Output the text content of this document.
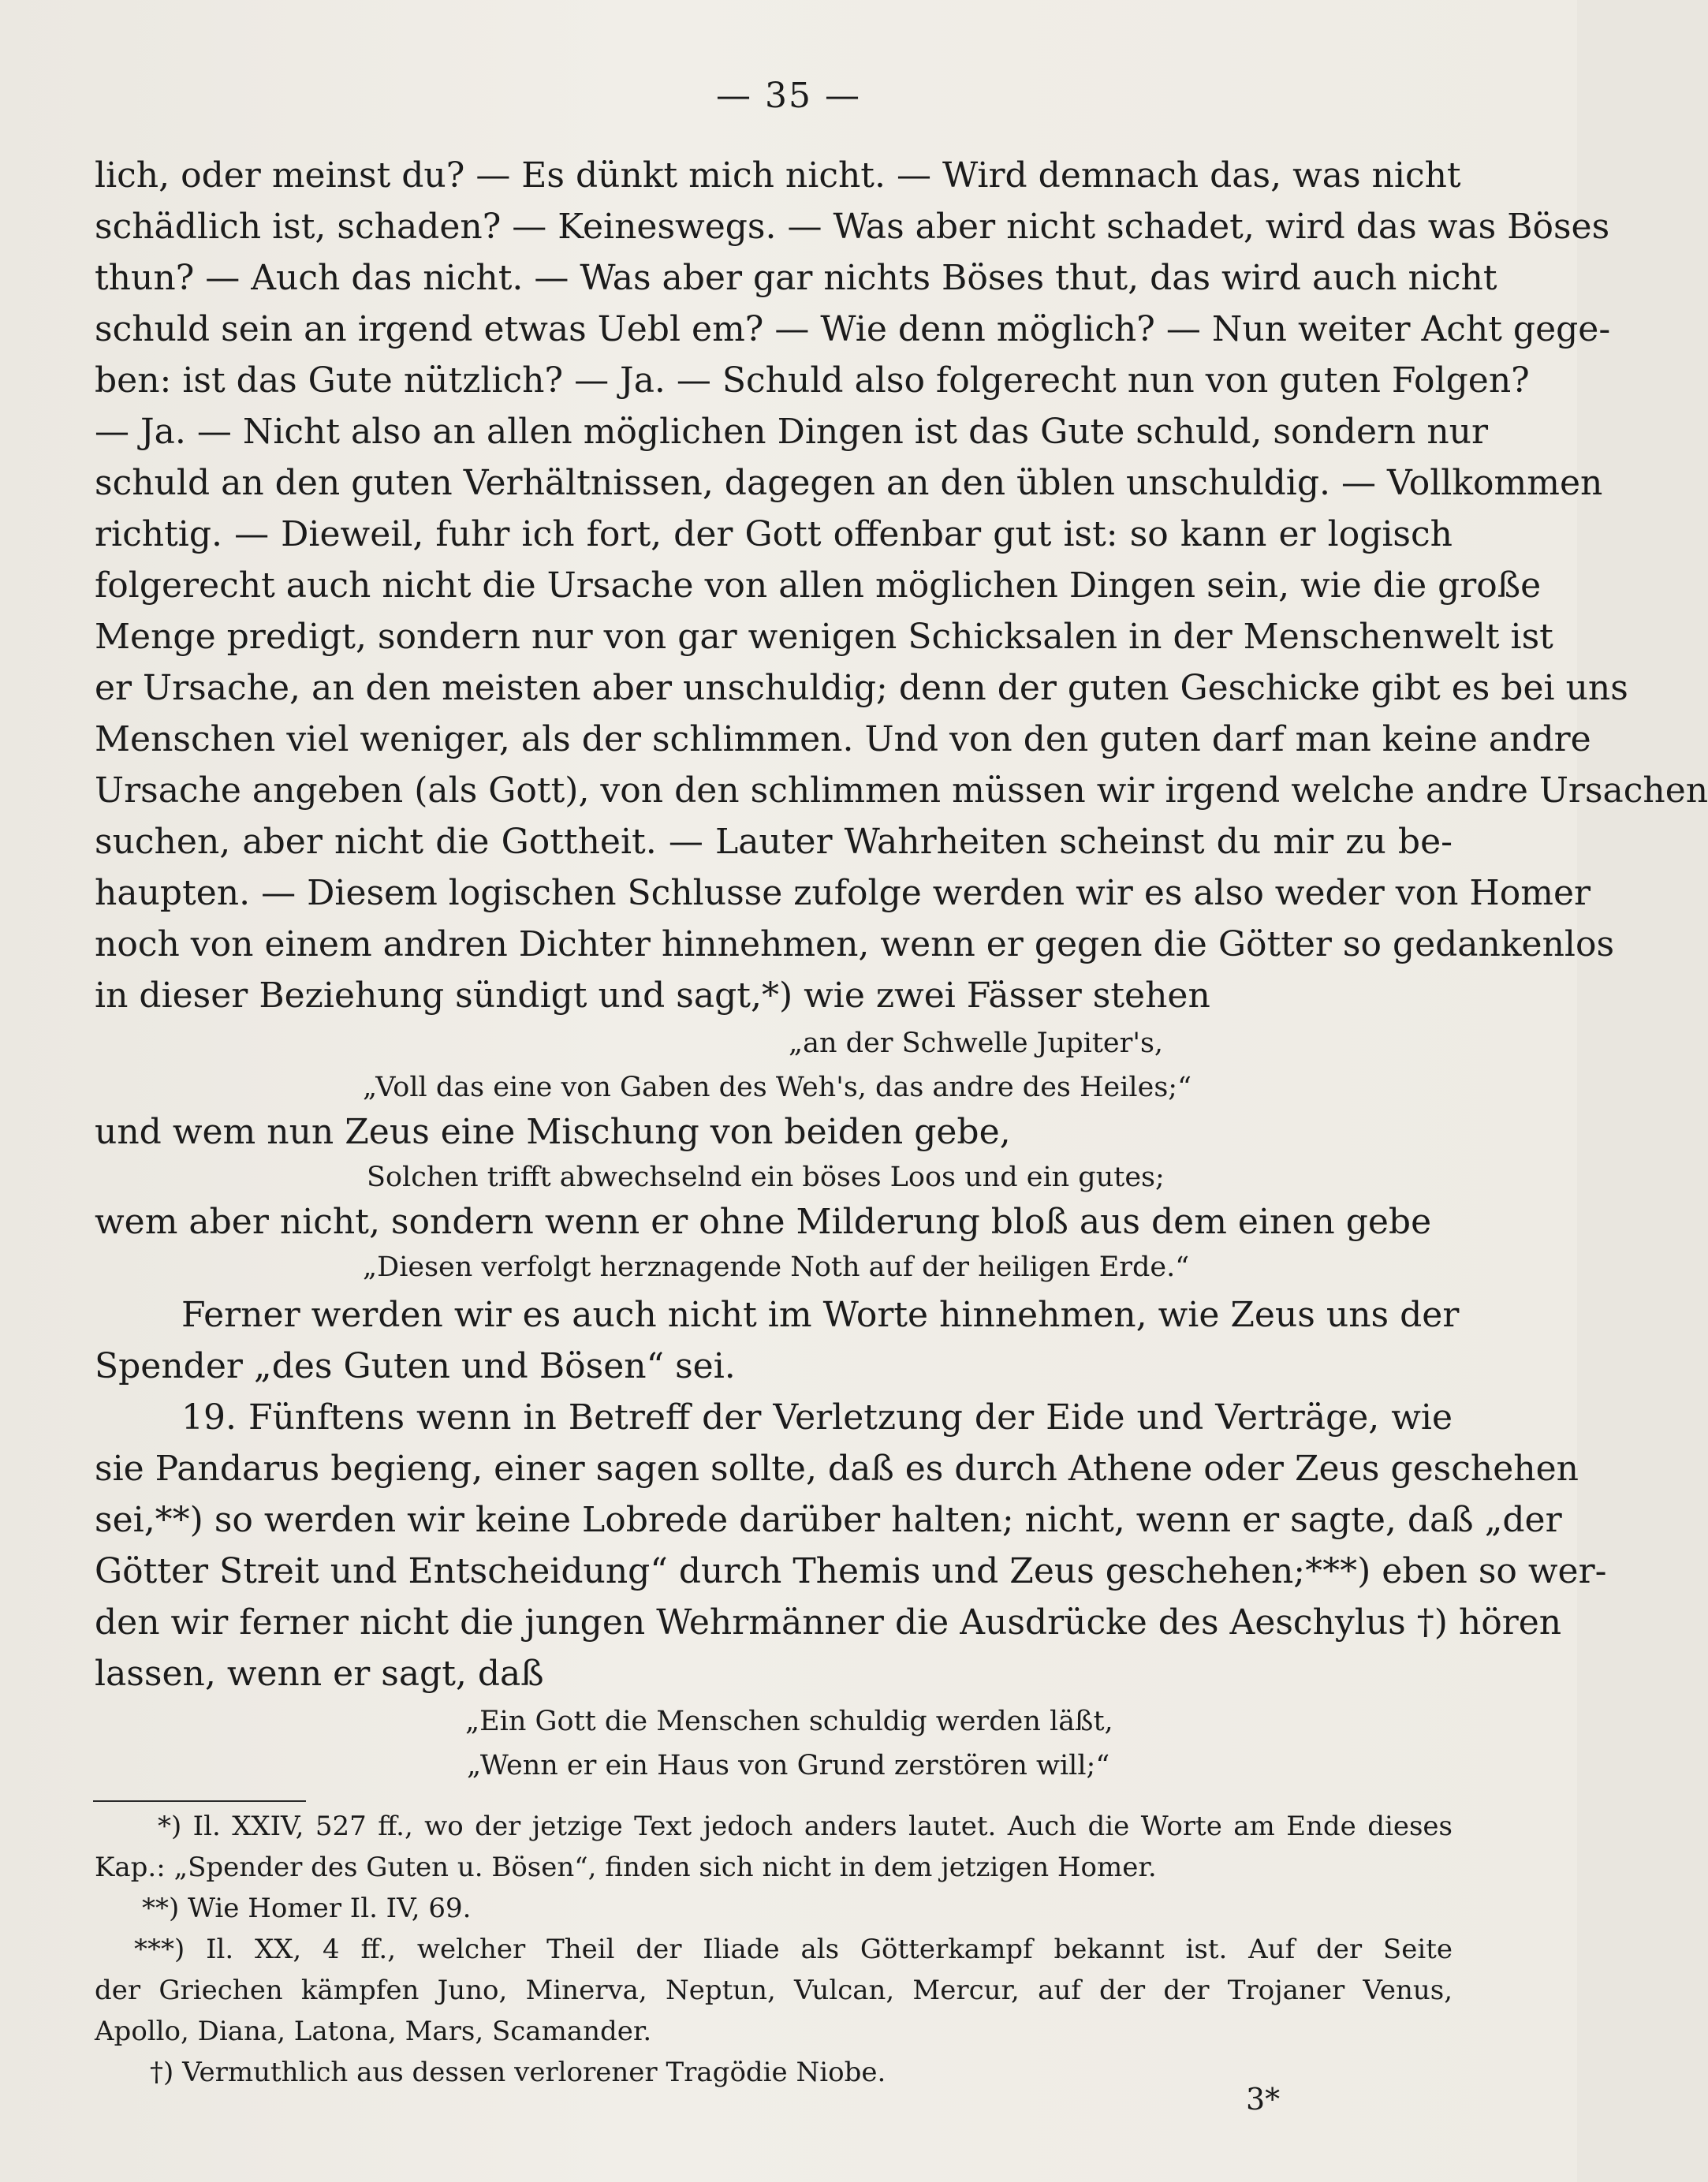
— 35 —
lich, oder meinst du? — Es dünkt mich nicht. — Wird demnach das, was nicht
schädlich ist, schaden? — Keineswegs. — Was aber nicht schadet, wird das was Böses
thun? — Auch das nicht. — Was aber gar nichts Böses thut, das wird auch nicht
schuld sein an irgend etwas Uebl em? — Wie denn möglich? — Nun weiter Acht gege-
ben: ist das Gute nützlich? — Ja. — Schuld also folgerecht nun von guten Folgen?
— Ja. — Nicht also an allen möglichen Dingen ist das Gute schuld, sondern nur
schuld an den guten Verhältnissen, dagegen an den üblen unschuldig. — Vollkommen
richtig. — Dieweil, fuhr ich fort, der Gott offenbar gut ist: so kann er logisch
folgerecht auch nicht die Ursache von allen möglichen Dingen sein, wie die große
Menge predigt, sondern nur von gar wenigen Schicksalen in der Menschenwelt ist
er Ursache, an den meisten aber unschuldig; denn der guten Geschicke gibt es bei uns
Menschen viel weniger, als der schlimmen. Und von den guten darf man keine andre
Ursache angeben (als Gott), von den schlimmen müssen wir irgend welche andre Ursachen
suchen, aber nicht die Gottheit. — Lauter Wahrheiten scheinst du mir zu be-
haupten. — Diesem logischen Schlusse zufolge werden wir es also weder von Homer
noch von einem andren Dichter hinnehmen, wenn er gegen die Götter so gedankenlos
in dieser Beziehung sündigt und sagt,*) wie zwei Fässer stehen
„an der Schwelle Jupiter's,
„Voll das eine von Gaben des Weh's, das andre des Heiles;“
und wem nun Zeus eine Mischung von beiden gebe,
Solchen trifft abwechselnd ein böses Loos und ein gutes;
wem aber nicht, sondern wenn er ohne Milderung bloß aus dem einen gebe
„Diesen verfolgt herznagende Noth auf der heiligen Erde.“
Ferner werden wir es auch nicht im Worte hinnehmen, wie Zeus uns der
Spender „des Guten und Bösen“ sei.
19. Fünftens wenn in Betreff der Verletzung der Eide und Verträge, wie
sie Pandarus begieng, einer sagen sollte, daß es durch Athene oder Zeus geschehen
sei,**) so werden wir keine Lobrede darüber halten; nicht, wenn er sagte, daß „der
Götter Streit und Entscheidung“ durch Themis und Zeus geschehen;***) eben so wer-
den wir ferner nicht die jungen Wehrmänner die Ausdrücke des Aeschylus †) hören
lassen, wenn er sagt, daß
„Ein Gott die Menschen schuldig werden läßt,
„Wenn er ein Haus von Grund zerstören will;“
*) Il. XXIV, 527 ff., wo der jetzige Text jedoch anders lautet. Auch die Worte am Ende dieses
Kap.: „Spender des Guten u. Bösen“, finden sich nicht in dem jetzigen Homer.
**) Wie Homer Il. IV, 69.
***) Il. XX, 4 ff., welcher Theil der Iliade als Götterkampf bekannt ist. Auf der Seite
der Griechen kämpfen Juno, Minerva, Neptun, Vulcan, Mercur, auf der der Trojaner Venus,
Apollo, Diana, Latona, Mars, Scamander.
†) Vermuthlich aus dessen verlorener Tragödie Niobe.
3*
